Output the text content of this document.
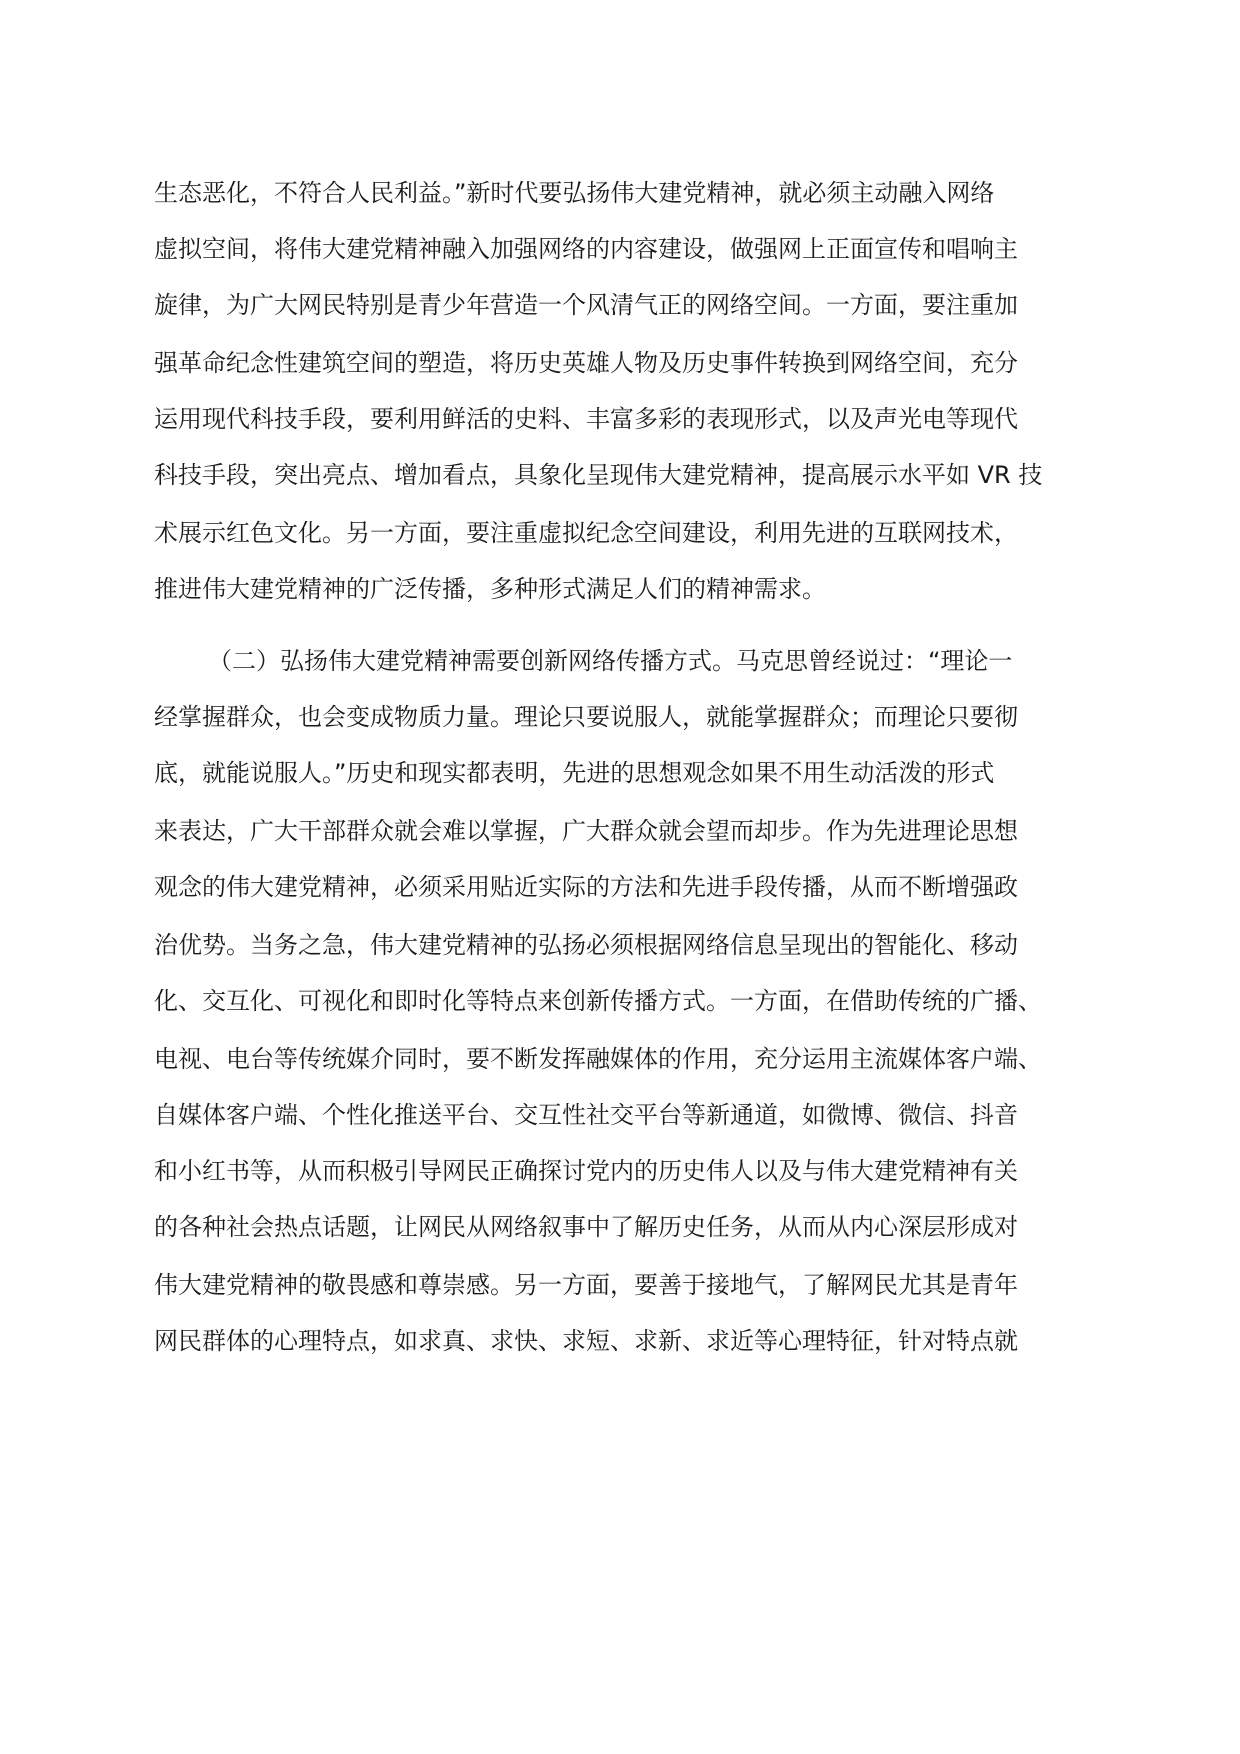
生态恶化，不符合人民利益。”新时代要弘扬伟大建党精神，就必须主动融入网络
虚拟空间，将伟大建党精神融入加强网络的内容建设，做强网上正面宣传和唱响主
旋律，为广大网民特别是青少年营造一个风清气正的网络空间。一方面，要注重加
强革命纪念性建筑空间的塑造，将历史英雄人物及历史事件转换到网络空间，充分
运用现代科技手段，要利用鲜活的史料、丰富多彩的表现形式，以及声光电等现代
科技手段，突出亮点、增加看点，具象化呈现伟大建党精神，提高展示水平如 VR 技
术展示红色文化。另一方面，要注重虚拟纪念空间建设，利用先进的互联网技术，
推进伟大建党精神的广泛传播，多种形式满足人们的精神需求。
（二）弘扬伟大建党精神需要创新网络传播方式。马克思曾经说过：“理论一
经掌握群众，也会变成物质力量。理论只要说服人，就能掌握群众；而理论只要彻
底，就能说服人。”历史和现实都表明，先进的思想观念如果不用生动活泼的形式
来表达，广大干部群众就会难以掌握，广大群众就会望而却步。作为先进理论思想
观念的伟大建党精神，必须采用贴近实际的方法和先进手段传播，从而不断增强政
治优势。当务之急，伟大建党精神的弘扬必须根据网络信息呈现出的智能化、移动
化、交互化、可视化和即时化等特点来创新传播方式。一方面，在借助传统的广播、
电视、电台等传统媒介同时，要不断发挥融媒体的作用，充分运用主流媒体客户端、
自媒体客户端、个性化推送平台、交互性社交平台等新通道，如微博、微信、抖音
和小红书等，从而积极引导网民正确探讨党内的历史伟人以及与伟大建党精神有关
的各种社会热点话题，让网民从网络叙事中了解历史任务，从而从内心深层形成对
伟大建党精神的敬畏感和尊崇感。另一方面，要善于接地气，了解网民尤其是青年
网民群体的心理特点，如求真、求快、求短、求新、求近等心理特征，针对特点就
